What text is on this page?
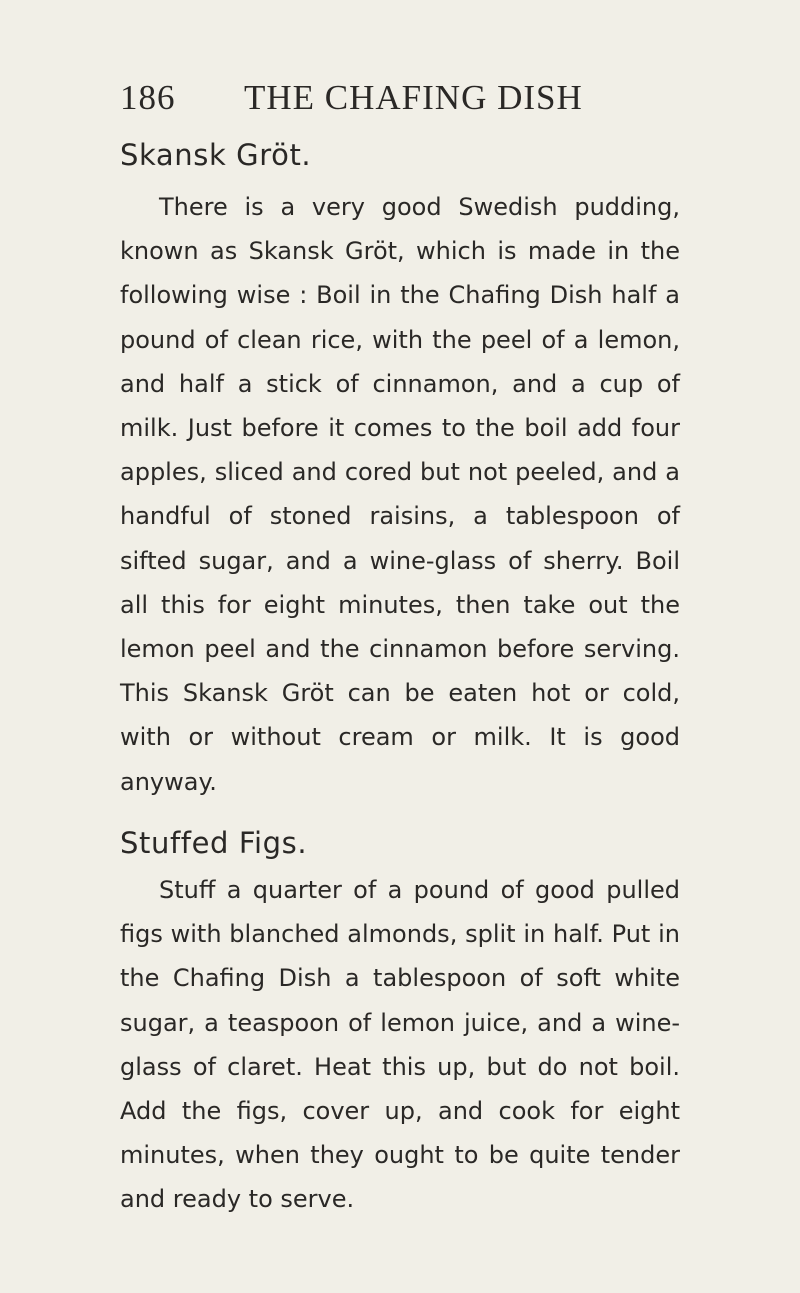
186 THE CHAFING DISH
Skansk Gröt.
There is a very good Swedish pudding, known as Skansk Gröt, which is made in the following wise : Boil in the Chafing Dish half a pound of clean rice, with the peel of a lemon, and half a stick of cinnamon, and a cup of milk. Just before it comes to the boil add four apples, sliced and cored but not peeled, and a handful of stoned raisins, a tablespoon of sifted sugar, and a wine-glass of sherry. Boil all this for eight minutes, then take out the lemon peel and the cinnamon before serving. This Skansk Gröt can be eaten hot or cold, with or without cream or milk. It is good anyway.
Stuffed Figs.
Stuff a quarter of a pound of good pulled figs with blanched almonds, split in half. Put in the Chafing Dish a tablespoon of soft white sugar, a teaspoon of lemon juice, and a wine-glass of claret. Heat this up, but do not boil. Add the figs, cover up, and cook for eight minutes, when they ought to be quite tender and ready to serve.
